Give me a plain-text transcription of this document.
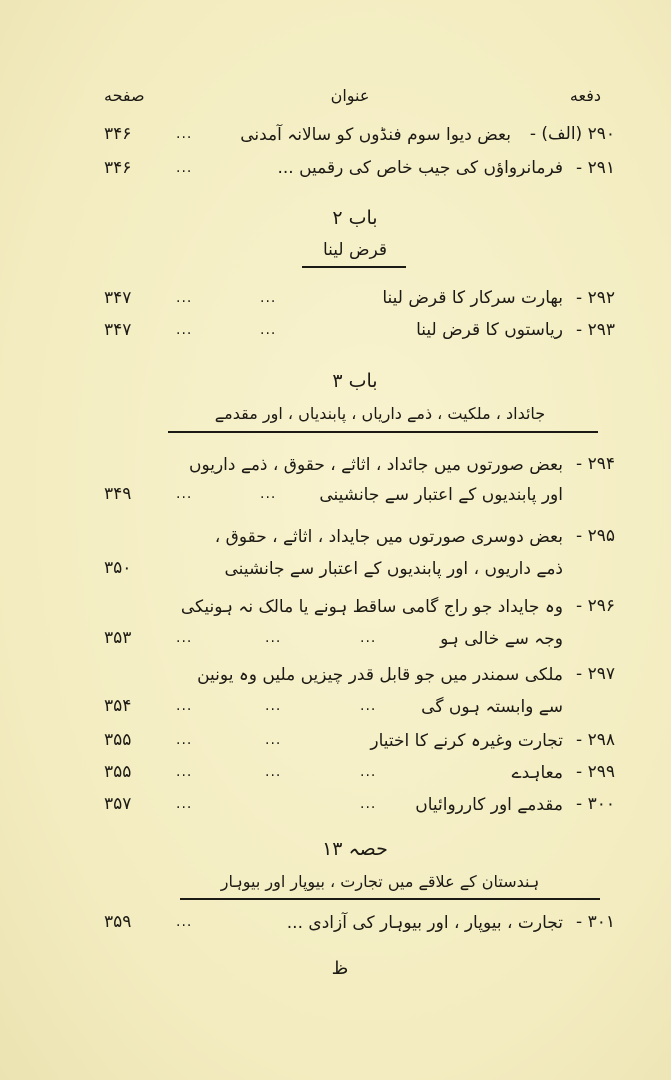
دفعه
عنوان
صفحه
۲۹۰ (الف) -
بعض دیوا سوم فنڈوں کو سالانہ آمدنی
...
۳۴۶
۲۹۱ -
فرمانرواؤں کی جیب خاص کی رقمیں ...
...
۳۴۶
باب ۲
قرض لینا
۲۹۲ -
بھارت سرکار کا قرض لینا
...
...
۳۴۷
۲۹۳ -
ریاستوں کا قرض لینا
...
...
۳۴۷
باب ۳
جائداد ، ملکیت ، ذمے داریاں ، پابندیاں ، اور مقدمے
۲۹۴ -
بعض صورتوں میں جائداد ، اثاثے ، حقوق ، ذمے داریوں
اور پابندیوں کے اعتبار سے جانشینی
...
...
۳۴۹
۲۹۵ -
بعض دوسری صورتوں میں جایداد ، اثاثے ، حقوق ،
ذمے داریوں ، اور پابندیوں کے اعتبار سے جانشینی
۳۵۰
۲۹۶ -
وہ جایداد جو راج گامی ساقط ہونے یا مالک نہ ہونیکی
وجہ سے خالی ہو
...
...
...
۳۵۳
۲۹۷ -
ملکی سمندر میں جو قابل قدر چیزیں ملیں وہ یونین
سے وابستہ ہوں گی
...
...
...
۳۵۴
۲۹۸ -
تجارت وغیرہ کرنے کا اختیار
...
...
۳۵۵
۲۹۹ -
معاہدے
...
...
...
۳۵۵
۳۰۰ -
مقدمے اور کارروائیاں
...
...
۳۵۷
حصہ ۱۳
ہندستان کے علاقے میں تجارت ، بیوپار اور بیوہار
۳۰۱ -
تجارت ، بیوپار ، اور بیوہار کی آزادی ...
...
۳۵۹
ظ
